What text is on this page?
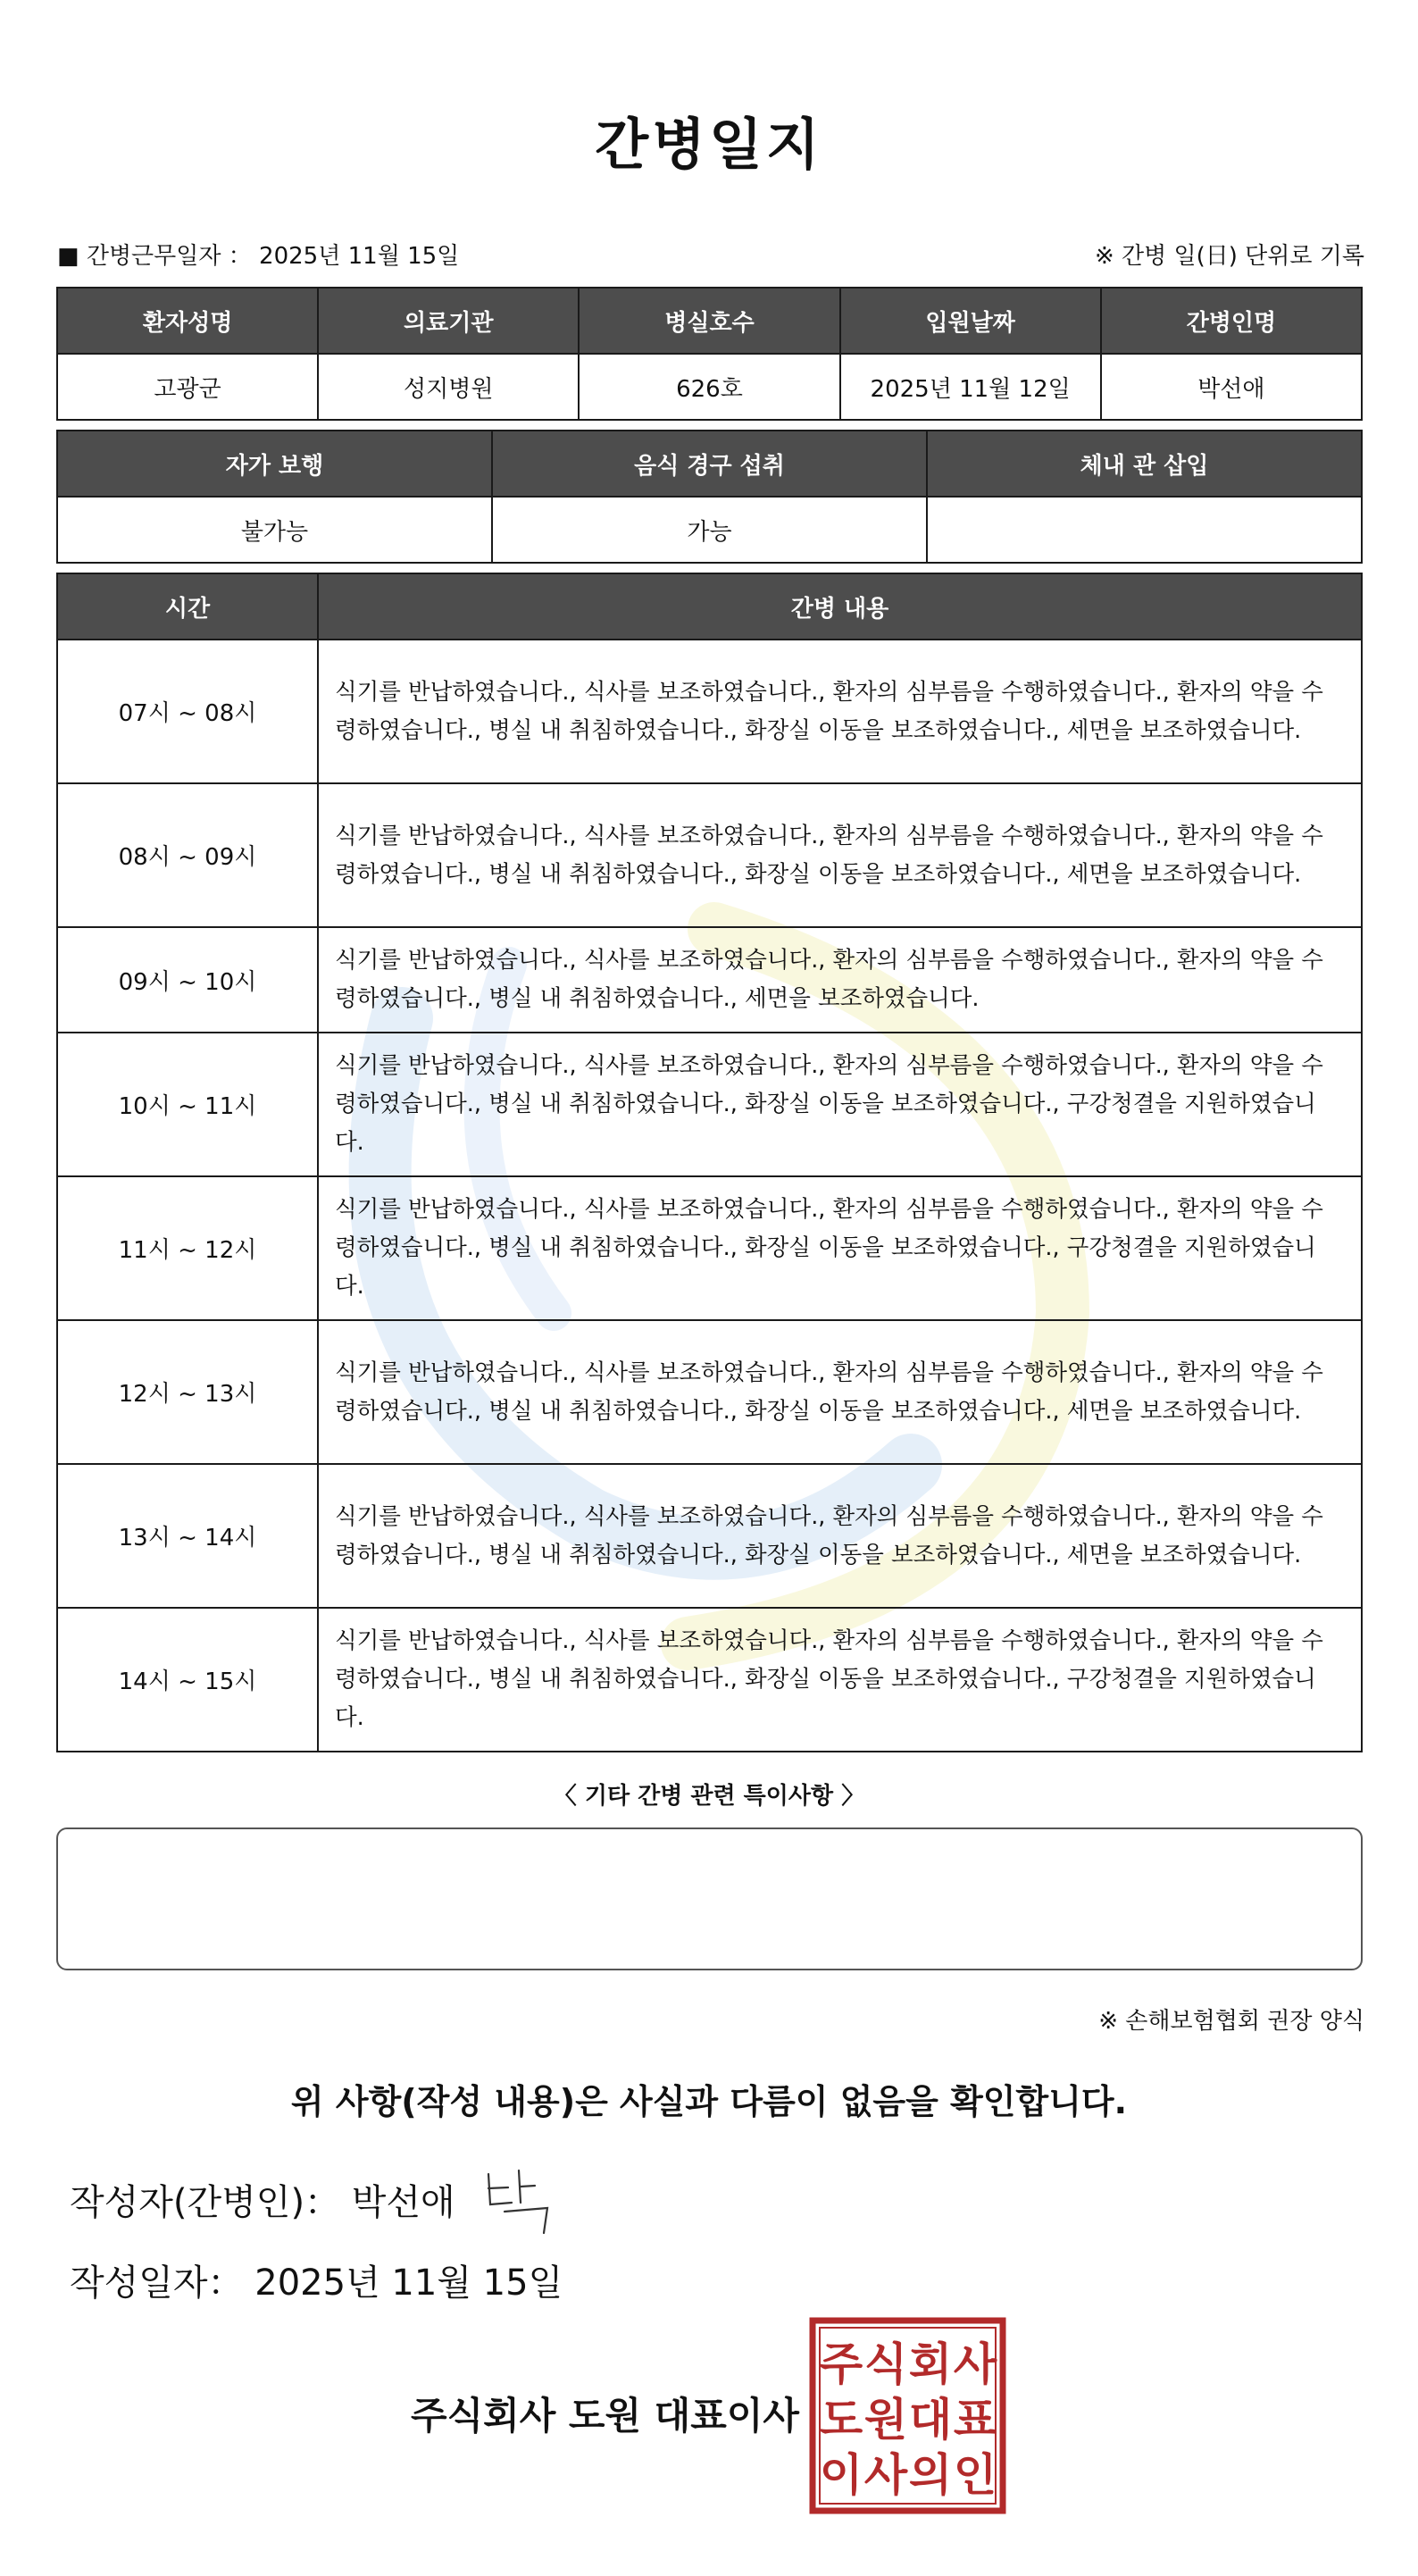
간병일지
■ 간병근무일자 ： 2025년 11월 15일	※ 간병 일(日) 단위로 기록
환자성명	의료기관	병실호수	입원날짜	간병인명
고광군	성지병원	626호	2025년 11월 12일	박선애
자가 보행	음식 경구 섭취	체내 관 삽입
불가능	가능	
시간	간병 내용
07시 ~ 08시	식기를 반납하였습니다., 식사를 보조하였습니다., 환자의 심부름을 수행하였습니다., 환자의 약을 수령하였습니다., 병실 내 취침하였습니다., 화장실 이동을 보조하였습니다., 세면을 보조하였습니다.
08시 ~ 09시	식기를 반납하였습니다., 식사를 보조하였습니다., 환자의 심부름을 수행하였습니다., 환자의 약을 수령하였습니다., 병실 내 취침하였습니다., 화장실 이동을 보조하였습니다., 세면을 보조하였습니다.
09시 ~ 10시	식기를 반납하였습니다., 식사를 보조하였습니다., 환자의 심부름을 수행하였습니다., 환자의 약을 수령하였습니다., 병실 내 취침하였습니다., 세면을 보조하였습니다.
10시 ~ 11시	식기를 반납하였습니다., 식사를 보조하였습니다., 환자의 심부름을 수행하였습니다., 환자의 약을 수령하였습니다., 병실 내 취침하였습니다., 화장실 이동을 보조하였습니다., 구강청결을 지원하였습니다.
11시 ~ 12시	식기를 반납하였습니다., 식사를 보조하였습니다., 환자의 심부름을 수행하였습니다., 환자의 약을 수령하였습니다., 병실 내 취침하였습니다., 화장실 이동을 보조하였습니다., 구강청결을 지원하였습니다.
12시 ~ 13시	식기를 반납하였습니다., 식사를 보조하였습니다., 환자의 심부름을 수행하였습니다., 환자의 약을 수령하였습니다., 병실 내 취침하였습니다., 화장실 이동을 보조하였습니다., 세면을 보조하였습니다.
13시 ~ 14시	식기를 반납하였습니다., 식사를 보조하였습니다., 환자의 심부름을 수행하였습니다., 환자의 약을 수령하였습니다., 병실 내 취침하였습니다., 화장실 이동을 보조하였습니다., 세면을 보조하였습니다.
14시 ~ 15시	식기를 반납하였습니다., 식사를 보조하였습니다., 환자의 심부름을 수행하였습니다., 환자의 약을 수령하였습니다., 병실 내 취침하였습니다., 화장실 이동을 보조하였습니다., 구강청결을 지원하였습니다.
〈 기타 간병 관련 특이사항 〉
※ 손해보험협회 권장 양식
위 사항(작성 내용)은 사실과 다름이 없음을 확인합니다.
작성자(간병인)： 박선애
작성일자： 2025년 11월 15일
주식회사 도원 대표이사
주 식 회 사
도 원 대 표
이 사 의 인
